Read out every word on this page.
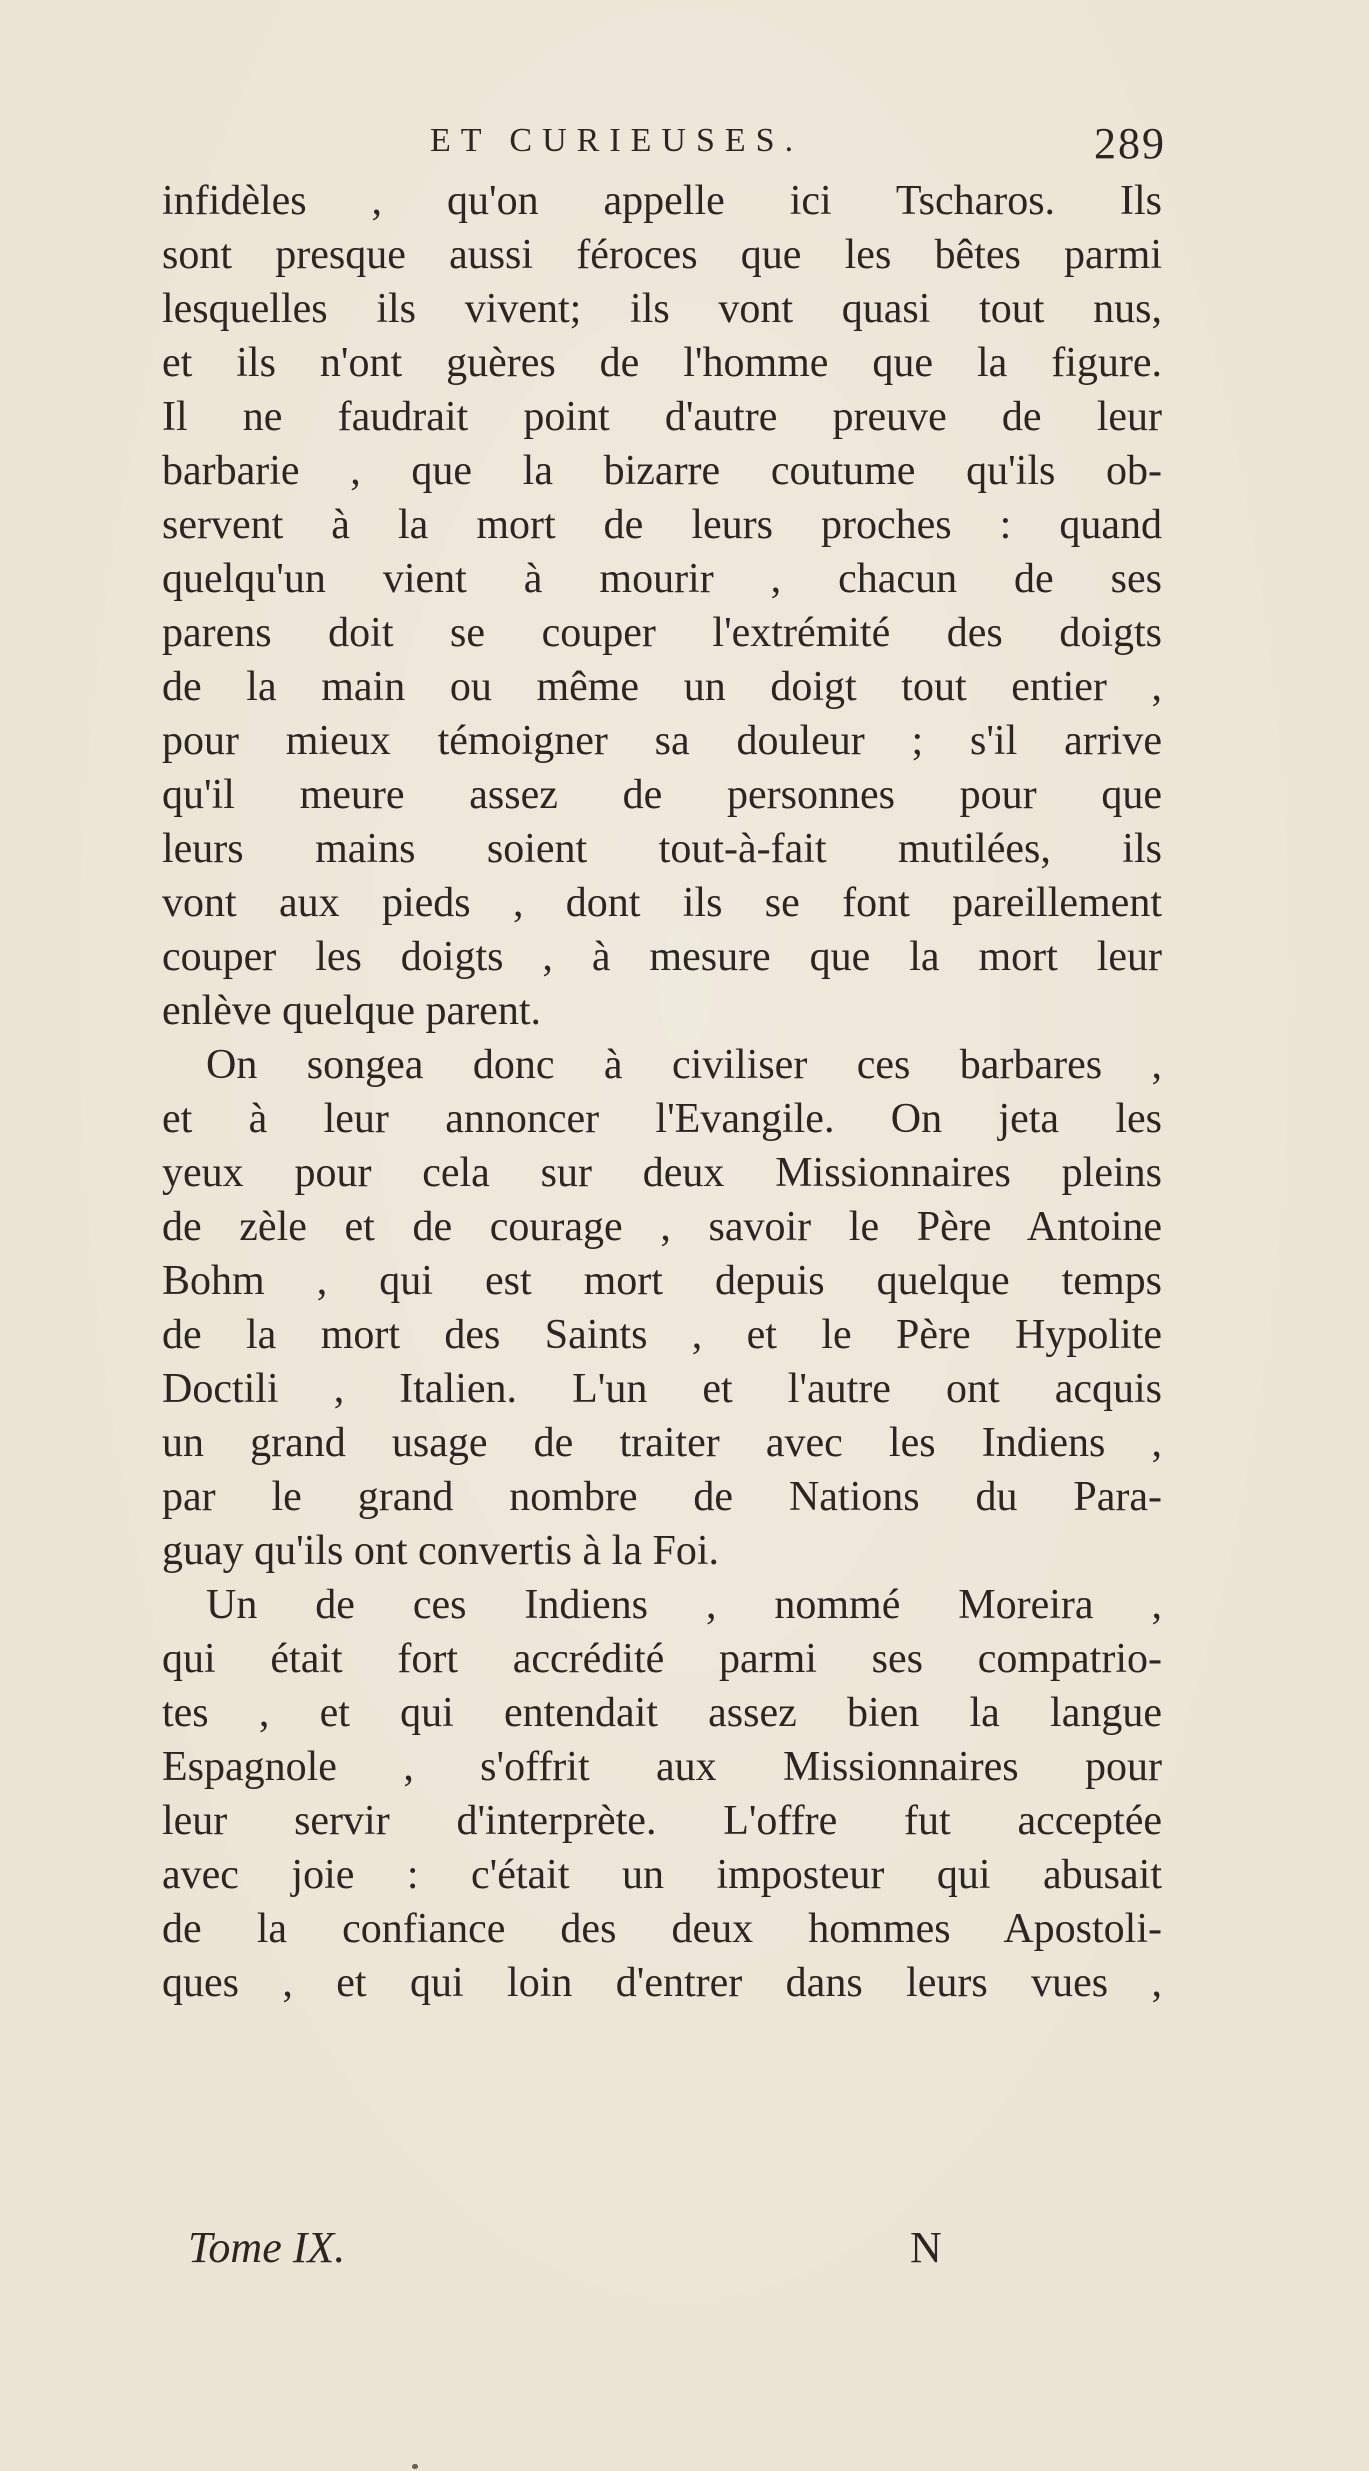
ET CURIEUSES.	289
infidèles , qu'on appelle ici Tscharos. Ils
sont presque aussi féroces que les bêtes parmi
lesquelles ils vivent; ils vont quasi tout nus,
et ils n'ont guères de l'homme que la figure.
Il ne faudrait point d'autre preuve de leur
barbarie , que la bizarre coutume qu'ils ob-
servent à la mort de leurs proches : quand
quelqu'un vient à mourir , chacun de ses
parens doit se couper l'extrémité des doigts
de la main ou même un doigt tout entier ,
pour mieux témoigner sa douleur ; s'il arrive
qu'il meure assez de personnes pour que
leurs mains soient tout-à-fait mutilées, ils
vont aux pieds , dont ils se font pareillement
couper les doigts , à mesure que la mort leur
enlève quelque parent.
On songea donc à civiliser ces barbares ,
et à leur annoncer l'Evangile. On jeta les
yeux pour cela sur deux Missionnaires pleins
de zèle et de courage , savoir le Père Antoine
Bohm , qui est mort depuis quelque temps
de la mort des Saints , et le Père Hypolite
Doctili , Italien. L'un et l'autre ont acquis
un grand usage de traiter avec les Indiens ,
par le grand nombre de Nations du Para-
guay qu'ils ont convertis à la Foi.
Un de ces Indiens , nommé Moreira ,
qui était fort accrédité parmi ses compatrio-
tes , et qui entendait assez bien la langue
Espagnole , s'offrit aux Missionnaires pour
leur servir d'interprète. L'offre fut acceptée
avec joie : c'était un imposteur qui abusait
de la confiance des deux hommes Apostoli-
ques , et qui loin d'entrer dans leurs vues ,
Tome IX.	N
